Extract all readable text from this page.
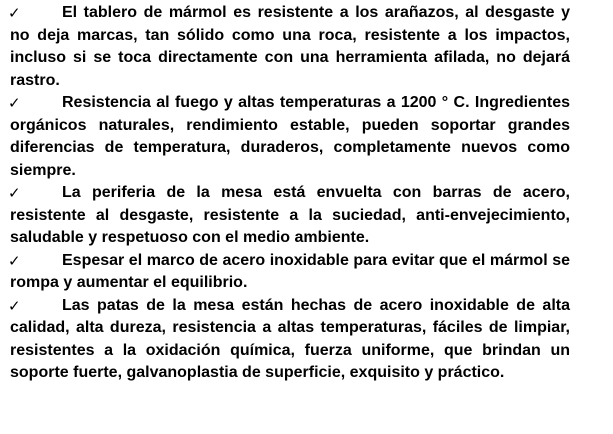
✓	El tablero de mármol es resistente a los arañazos, al desgaste y no deja marcas, tan sólido como una roca, resistente a los impactos, incluso si se toca directamente con una herramienta afilada, no dejará rastro.
✓	Resistencia al fuego y altas temperaturas a 1200 ° C. Ingredientes orgánicos naturales, rendimiento estable, pueden soportar grandes diferencias de temperatura, duraderos, completamente nuevos como siempre.
✓	La periferia de la mesa está envuelta con barras de acero, resistente al desgaste, resistente a la suciedad, anti-envejecimiento, saludable y respetuoso con el medio ambiente.
✓	Espesar el marco de acero inoxidable para evitar que el mármol se rompa y aumentar el equilibrio.
✓	Las patas de la mesa están hechas de acero inoxidable de alta calidad, alta dureza, resistencia a altas temperaturas, fáciles de limpiar, resistentes a la oxidación química, fuerza uniforme, que brindan un soporte fuerte, galvanoplastia de superficie, exquisito y práctico.
